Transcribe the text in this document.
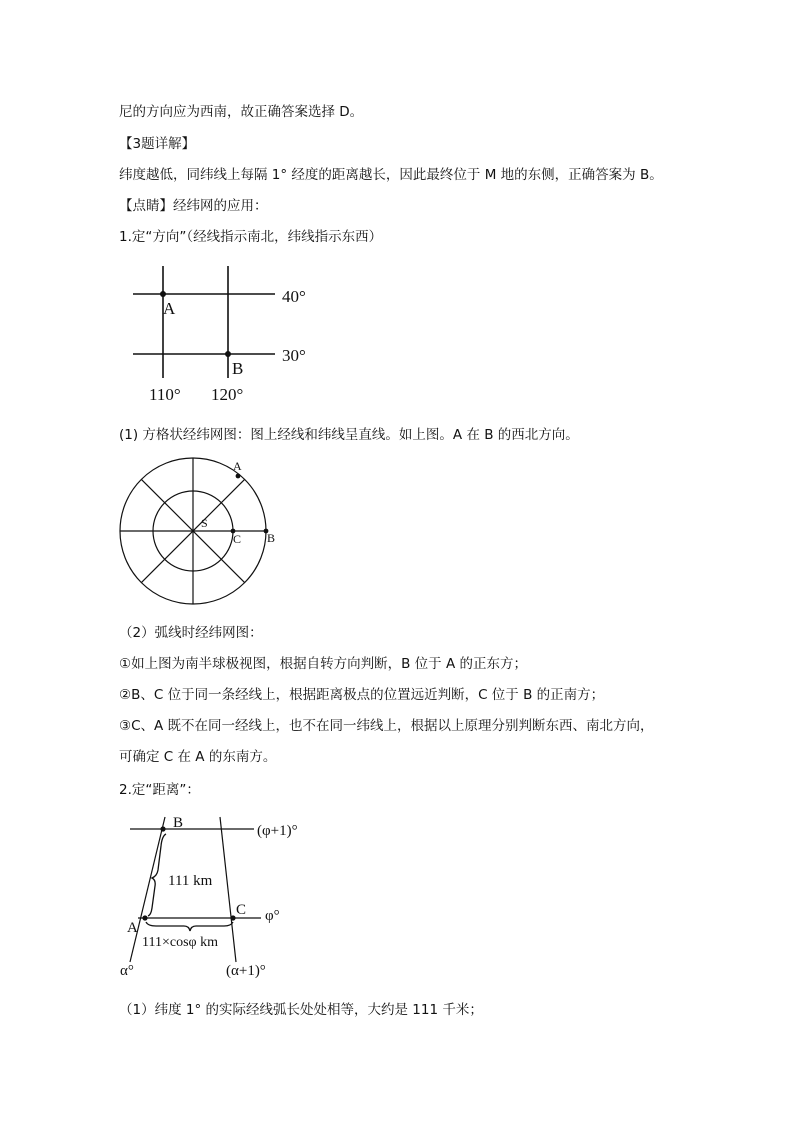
尼的方向应为西南，故正确答案选择 D。
【3题详解】
纬度越低，同纬线上每隔 1° 经度的距离越长，因此最终位于 M 地的东侧，正确答案为 B。
【点睛】经纬网的应用：
1.定“方向”（经线指示南北，纬线指示东西）
A
B
40°
30°
110° 120°
(1) 方格状经纬网图：图上经线和纬线呈直线。如上图。A 在 B 的西北方向。
A
B
C
S
（2）弧线时经纬网图：
①如上图为南半球极视图，根据自转方向判断，B 位于 A 的正东方；
②B、C 位于同一条经线上，根据距离极点的位置远近判断，C 位于 B 的正南方；
③C、A 既不在同一经线上，也不在同一纬线上，根据以上原理分别判断东西、南北方向，
可确定 C 在 A 的东南方。
2.定“距离”：
B
A
C
(φ+1)°
φ°
111 km
111×cosφ km
α°	(α+1)°
（1）纬度 1° 的实际经线弧长处处相等，大约是 111 千米；
